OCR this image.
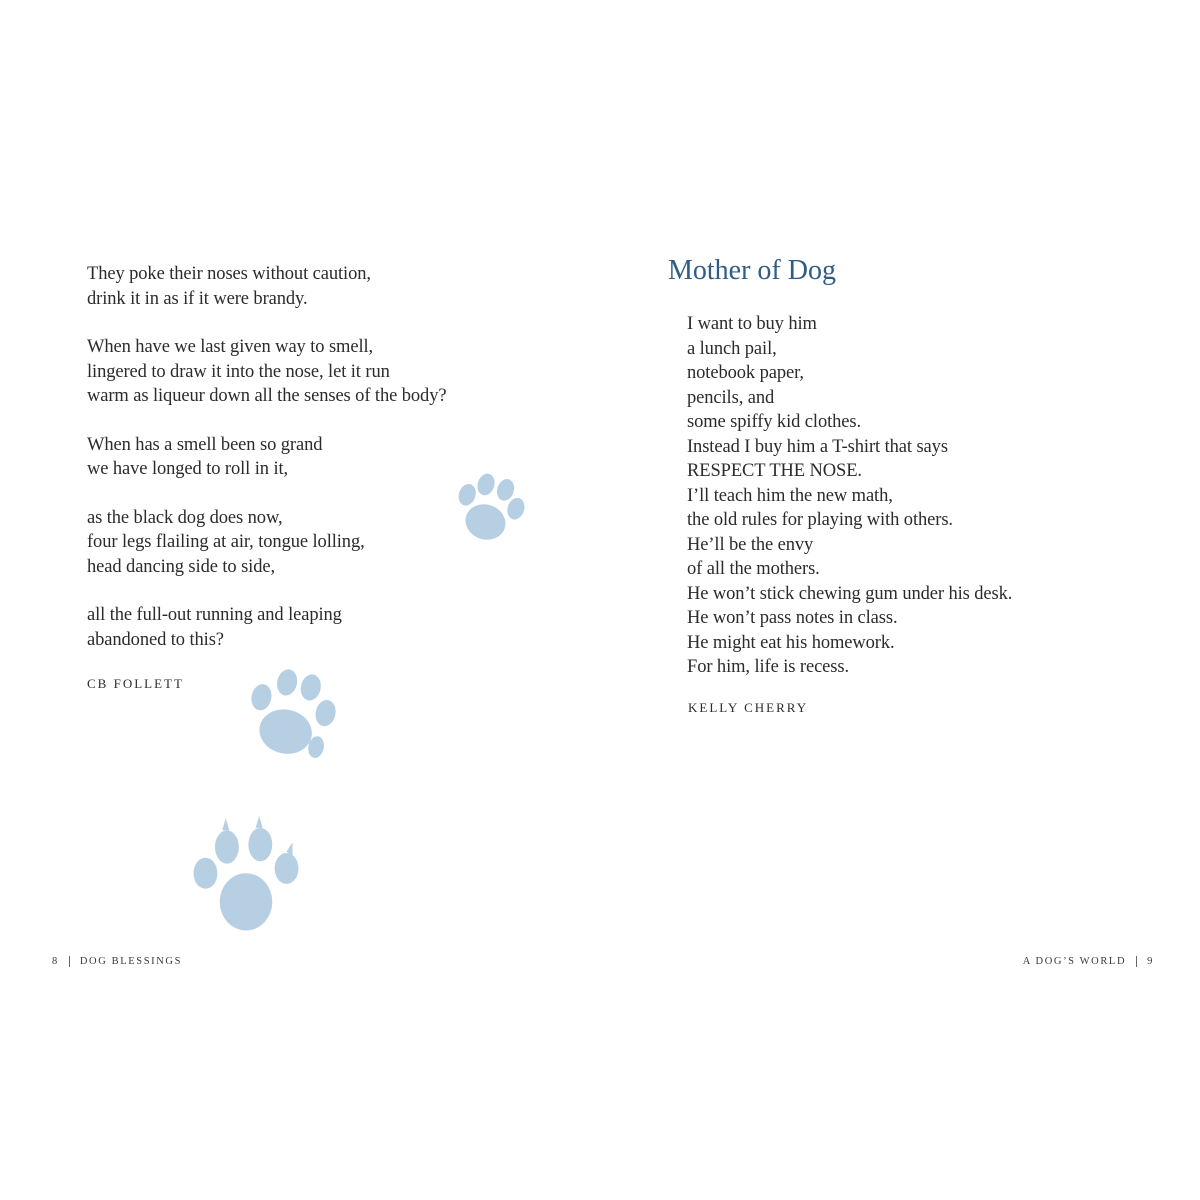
They poke their noses without caution,
drink it in as if it were brandy.
When have we last given way to smell,
lingered to draw it into the nose, let it run
warm as liqueur down all the senses of the body?
When has a smell been so grand
we have longed to roll in it,
as the black dog does now,
four legs flailing at air, tongue lolling,
head dancing side to side,
all the full-out running and leaping
abandoned to this?
CB FOLLETT
8 DOG BLESSINGS
Mother of Dog
I want to buy him
a lunch pail,
notebook paper,
pencils, and
some spiffy kid clothes.
Instead I buy him a T-shirt that says
RESPECT THE NOSE.
I’ll teach him the new math,
the old rules for playing with others.
He’ll be the envy
of all the mothers.
He won’t stick chewing gum under his desk.
He won’t pass notes in class.
He might eat his homework.
For him, life is recess.
KELLY CHERRY
A DOG’S WORLD 9
